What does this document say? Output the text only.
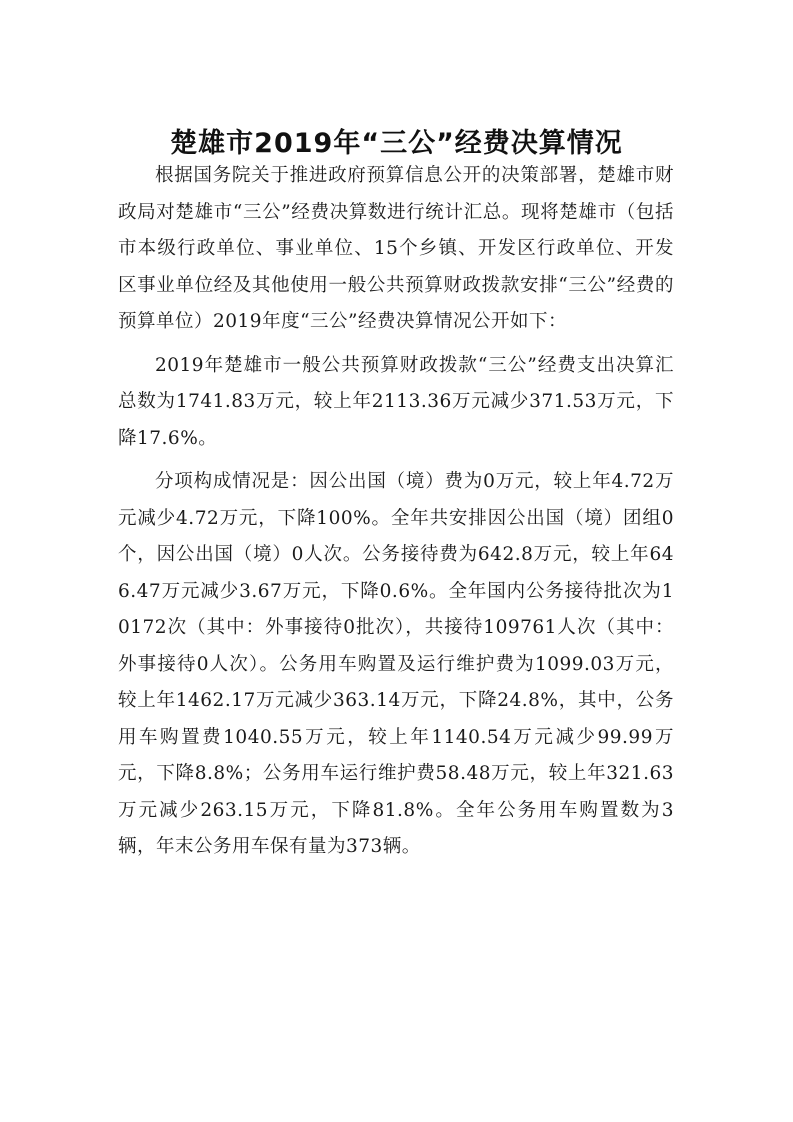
楚雄市2019年“三公”经费决算情况

根据国务院关于推进政府预算信息公开的决策部署，楚雄市财政局对楚雄市“三公”经费决算数进行统计汇总。现将楚雄市（包括市本级行政单位、事业单位、15个乡镇、开发区行政单位、开发区事业单位经及其他使用一般公共预算财政拨款安排“三公”经费的预算单位）2019年度“三公”经费决算情况公开如下：

2019年楚雄市一般公共预算财政拨款“三公”经费支出决算汇总数为1741.83万元，较上年2113.36万元减少371.53万元，下降17.6%。

分项构成情况是：因公出国（境）费为0万元，较上年4.72万元减少4.72万元，下降100%。全年共安排因公出国（境）团组0个，因公出国（境）0人次。公务接待费为642.8万元，较上年646.47万元减少3.67万元，下降0.6%。全年国内公务接待批次为10172次（其中：外事接待0批次），共接待109761人次（其中：外事接待0人次）。公务用车购置及运行维护费为1099.03万元，较上年1462.17万元减少363.14万元，下降24.8%，其中，公务用车购置费1040.55万元，较上年1140.54万元减少99.99万元，下降8.8%；公务用车运行维护费58.48万元，较上年321.63万元减少263.15万元，下降81.8%。全年公务用车购置数为3辆，年末公务用车保有量为373辆。
